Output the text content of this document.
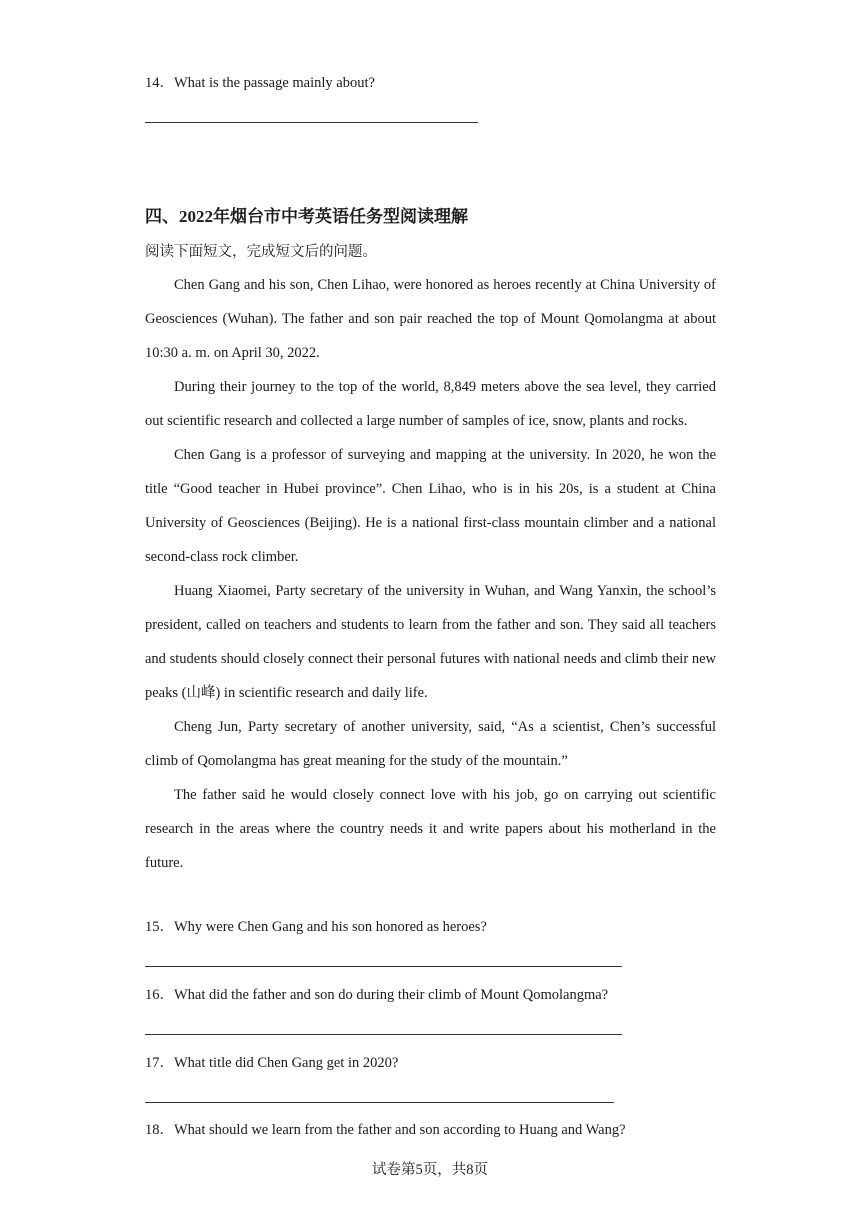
14．What is the passage mainly about?
四、2022年烟台市中考英语任务型阅读理解
阅读下面短文，完成短文后的问题。

Chen Gang and his son, Chen Lihao, were honored as heroes recently at China University of Geosciences (Wuhan). The father and son pair reached the top of Mount Qomolangma at about 10:30 a. m. on April 30, 2022.

During their journey to the top of the world, 8,849 meters above the sea level, they carried out scientific research and collected a large number of samples of ice, snow, plants and rocks.

Chen Gang is a professor of surveying and mapping at the university. In 2020, he won the title “Good teacher in Hubei province”. Chen Lihao, who is in his 20s, is a student at China University of Geosciences (Beijing). He is a national first-class mountain climber and a national second-class rock climber.

Huang Xiaomei, Party secretary of the university in Wuhan, and Wang Yanxin, the school’s president, called on teachers and students to learn from the father and son. They said all teachers and students should closely connect their personal futures with national needs and climb their new peaks (山峰) in scientific research and daily life.

Cheng Jun, Party secretary of another university, said, “As a scientist, Chen’s successful climb of Qomolangma has great meaning for the study of the mountain.”

The father said he would closely connect love with his job, go on carrying out scientific research in the areas where the country needs it and write papers about his motherland in the future.

15．Why were Chen Gang and his son honored as heroes?
16．What did the father and son do during their climb of Mount Qomolangma?
17．What title did Chen Gang get in 2020?
18．What should we learn from the father and son according to Huang and Wang?
试卷第5页，共8页
